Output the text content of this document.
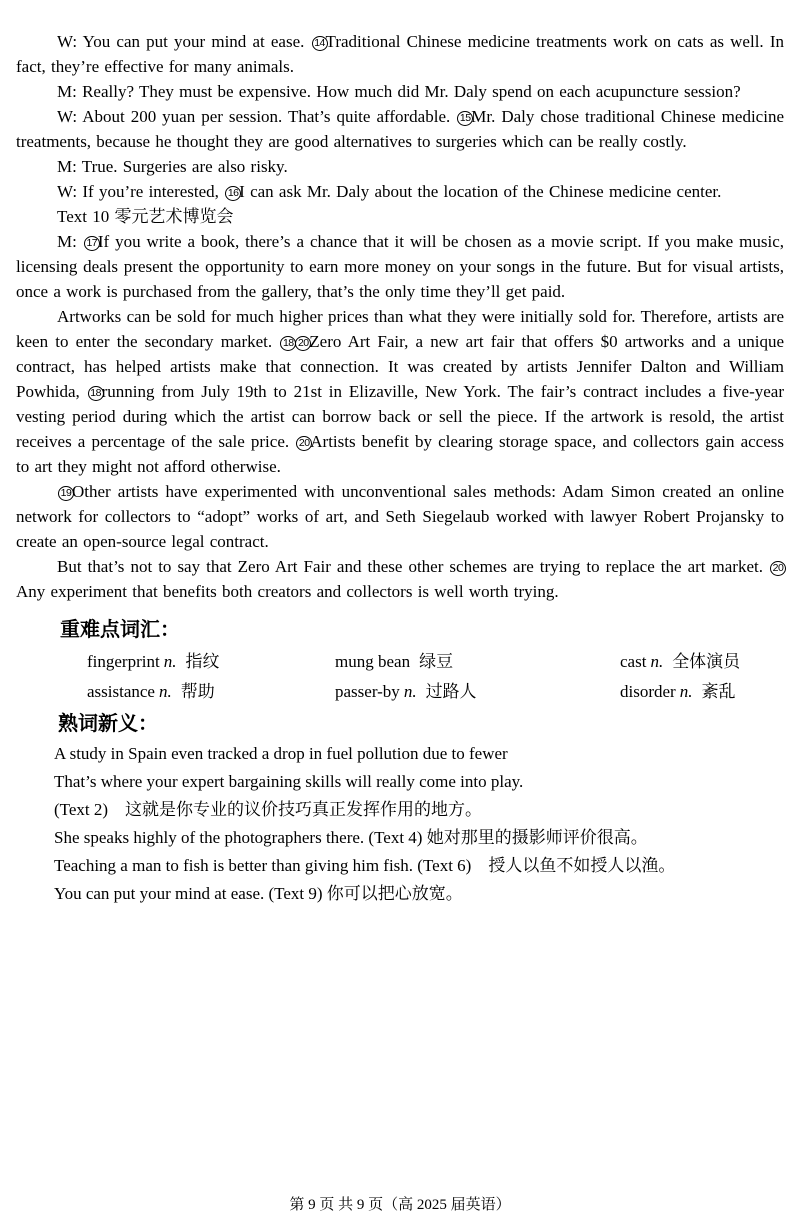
W: You can put your mind at ease. 14Traditional Chinese medicine treatments work on cats as well. In fact, they’re effective for many animals.

M: Really? They must be expensive. How much did Mr. Daly spend on each acupuncture session?

W: About 200 yuan per session. That’s quite affordable. 15Mr. Daly chose traditional Chinese medicine treatments, because he thought they are good alternatives to surgeries which can be really costly.

M: True. Surgeries are also risky.

W: If you’re interested, 16I can ask Mr. Daly about the location of the Chinese medicine center.

Text 10 零元艺术博览会

M: 17If you write a book, there’s a chance that it will be chosen as a movie script. If you make music, licensing deals present the opportunity to earn more money on your songs in the future. But for visual artists, once a work is purchased from the gallery, that’s the only time they’ll get paid.

Artworks can be sold for much higher prices than what they were initially sold for. Therefore, artists are keen to enter the secondary market. 18 20Zero Art Fair, a new art fair that offers $0 artworks and a unique contract, has helped artists make that connection. It was created by artists Jennifer Dalton and William Powhida, 18running from July 19th to 21st in Elizaville, New York. The fair’s contract includes a five-year vesting period during which the artist can borrow back or sell the piece. If the artwork is resold, the artist receives a percentage of the sale price. 20Artists benefit by clearing storage space, and collectors gain access to art they might not afford otherwise.

19Other artists have experimented with unconventional sales methods: Adam Simon created an online network for collectors to “adopt” works of art, and Seth Siegelaub worked with lawyer Robert Projansky to create an open-source legal contract.

But that’s not to say that Zero Art Fair and these other schemes are trying to replace the art market. 20Any experiment that benefits both creators and collectors is well worth trying.

重难点词汇：
fingerprint n. 指纹	mung bean 绿豆	cast n. 全体演员
assistance n. 帮助	passer-by n. 过路人	disorder n. 紊乱
熟词新义：

A study in Spain even tracked a drop in fuel pollution due to fewer

That’s where your expert bargaining skills will really come into play.

(Text 2)　这就是你专业的议价技巧真正发挥作用的地方。

She speaks highly of the photographers there. (Text 4) 她对那里的摄影师评价很高。

Teaching a man to fish is better than giving him fish. (Text 6)　授人以鱼不如授人以渔。

You can put your mind at ease. (Text 9) 你可以把心放宽。

第 9 页 共 9 页（高 2025 届英语）
